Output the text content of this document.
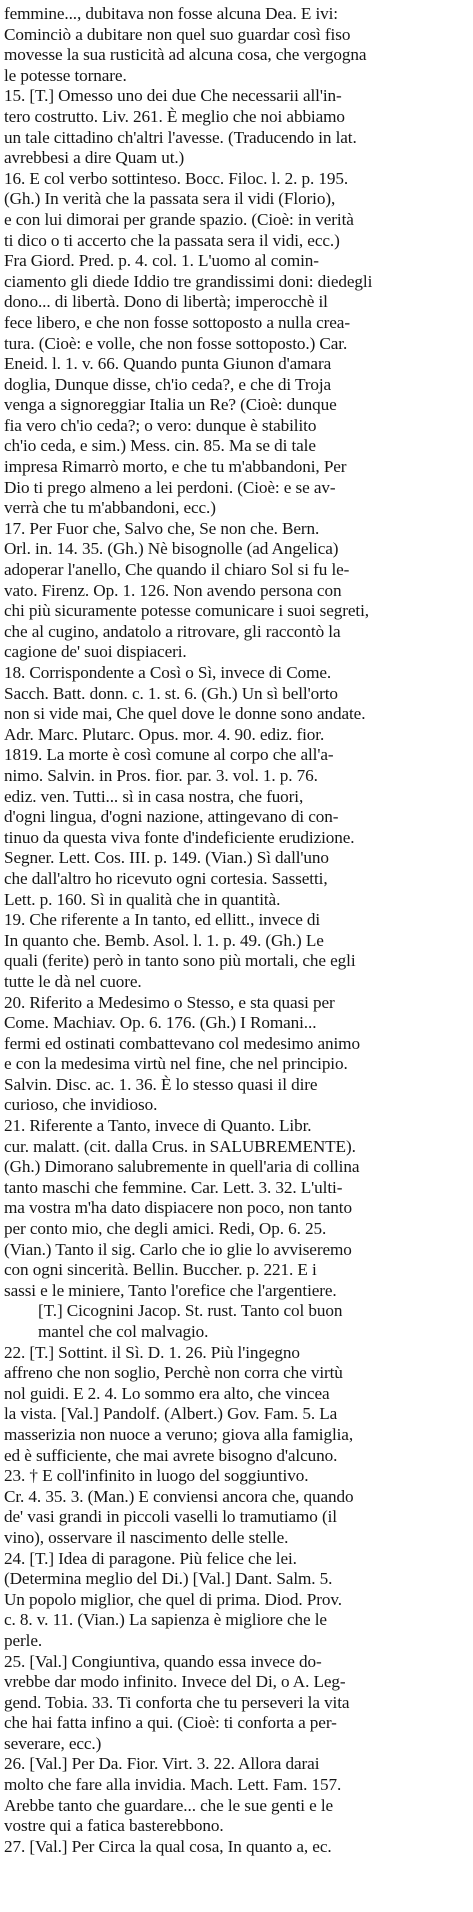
femmine..., dubitava non fosse alcuna Dea. E ivi:
Cominciò a dubitare non quel suo guardar così fiso
movesse la sua rusticità ad alcuna cosa, che vergogna
le potesse tornare.
15. [T.] Omesso uno dei due Che necessarii all'in-
tero costrutto. Liv. 261. È meglio che noi abbiamo
un tale cittadino ch'altri l'avesse. (Traducendo in lat.
avrebbesi a dire Quam ut.)
16. E col verbo sottinteso. Bocc. Filoc. l. 2. p. 195.
(Gh.) In verità che la passata sera il vidi (Florio),
e con lui dimorai per grande spazio. (Cioè: in verità
ti dico o ti accerto che la passata sera il vidi, ecc.)
Fra Giord. Pred. p. 4. col. 1. L'uomo al comin-
ciamento gli diede Iddio tre grandissimi doni: diedegli
dono... di libertà. Dono di libertà; imperocchè il
fece libero, e che non fosse sottoposto a nulla crea-
tura. (Cioè: e volle, che non fosse sottoposto.) Car.
Eneid. l. 1. v. 66. Quando punta Giunon d'amara
doglia, Dunque disse, ch'io ceda?, e che di Troja
venga a signoreggiar Italia un Re? (Cioè: dunque
fia vero ch'io ceda?; o vero: dunque è stabilito
ch'io ceda, e sim.) Mess. cin. 85. Ma se di tale
impresa Rimarrò morto, e che tu m'abbandoni, Per
Dio ti prego almeno a lei perdoni. (Cioè: e se av-
verrà che tu m'abbandoni, ecc.)
17. Per Fuor che, Salvo che, Se non che. Bern.
Orl. in. 14. 35. (Gh.) Nè bisognolle (ad Angelica)
adoperar l'anello, Che quando il chiaro Sol si fu le-
vato. Firenz. Op. 1. 126. Non avendo persona con
chi più sicuramente potesse comunicare i suoi segreti,
che al cugino, andatolo a ritrovare, gli raccontò la
cagione de' suoi dispiaceri.
18. Corrispondente a Così o Sì, invece di Come.
Sacch. Batt. donn. c. 1. st. 6. (Gh.) Un sì bell'orto
non si vide mai, Che quel dove le donne sono andate.
Adr. Marc. Plutarc. Opus. mor. 4. 90. ediz. fior.
1819. La morte è così comune al corpo che all'a-
nimo. Salvin. in Pros. fior. par. 3. vol. 1. p. 76.
ediz. ven. Tutti... sì in casa nostra, che fuori,
d'ogni lingua, d'ogni nazione, attingevano di con-
tinuo da questa viva fonte d'indeficiente erudizione.
Segner. Lett. Cos. III. p. 149. (Vian.) Sì dall'uno
che dall'altro ho ricevuto ogni cortesia. Sassetti,
Lett. p. 160. Sì in qualità che in quantità.
19. Che riferente a In tanto, ed ellitt., invece di
In quanto che. Bemb. Asol. l. 1. p. 49. (Gh.) Le
quali (ferite) però in tanto sono più mortali, che egli
tutte le dà nel cuore.
20. Riferito a Medesimo o Stesso, e sta quasi per
Come. Machiav. Op. 6. 176. (Gh.) I Romani...
fermi ed ostinati combattevano col medesimo animo
e con la medesima virtù nel fine, che nel principio.
Salvin. Disc. ac. 1. 36. È lo stesso quasi il dire
curioso, che invidioso.
21. Riferente a Tanto, invece di Quanto. Libr.
cur. malatt. (cit. dalla Crus. in SALUBREMENTE).
(Gh.) Dimorano salubremente in quell'aria di collina
tanto maschi che femmine. Car. Lett. 3. 32. L'ulti-
ma vostra m'ha dato dispiacere non poco, non tanto
per conto mio, che degli amici. Redi, Op. 6. 25.
(Vian.) Tanto il sig. Carlo che io glie lo avviseremo
con ogni sincerità. Bellin. Buccher. p. 221. E i
sassi e le miniere, Tanto l'orefice che l'argentiere.
[T.] Cicognini Jacop. St. rust. Tanto col buon
mantel che col malvagio.
22. [T.] Sottint. il Sì. D. 1. 26. Più l'ingegno
affreno che non soglio, Perchè non corra che virtù
nol guidi. E 2. 4. Lo sommo era alto, che vincea
la vista. [Val.] Pandolf. (Albert.) Gov. Fam. 5. La
masserizia non nuoce a veruno; giova alla famiglia,
ed è sufficiente, che mai avrete bisogno d'alcuno.
23. † E coll'infinito in luogo del soggiuntivo.
Cr. 4. 35. 3. (Man.) E conviensi ancora che, quando
de' vasi grandi in piccoli vaselli lo tramutiamo (il
vino), osservare il nascimento delle stelle.
24. [T.] Idea di paragone. Più felice che lei.
(Determina meglio del Di.) [Val.] Dant. Salm. 5.
Un popolo miglior, che quel di prima. Diod. Prov.
c. 8. v. 11. (Vian.) La sapienza è migliore che le
perle.
25. [Val.] Congiuntiva, quando essa invece do-
vrebbe dar modo infinito. Invece del Di, o A. Leg-
gend. Tobia. 33. Ti conforta che tu perseveri la vita
che hai fatta infino a qui. (Cioè: ti conforta a per-
severare, ecc.)
26. [Val.] Per Da. Fior. Virt. 3. 22. Allora darai
molto che fare alla invidia. Mach. Lett. Fam. 157.
Arebbe tanto che guardare... che le sue genti e le
vostre qui a fatica basterebbono.
27. [Val.] Per Circa la qual cosa, In quanto a, ec.
